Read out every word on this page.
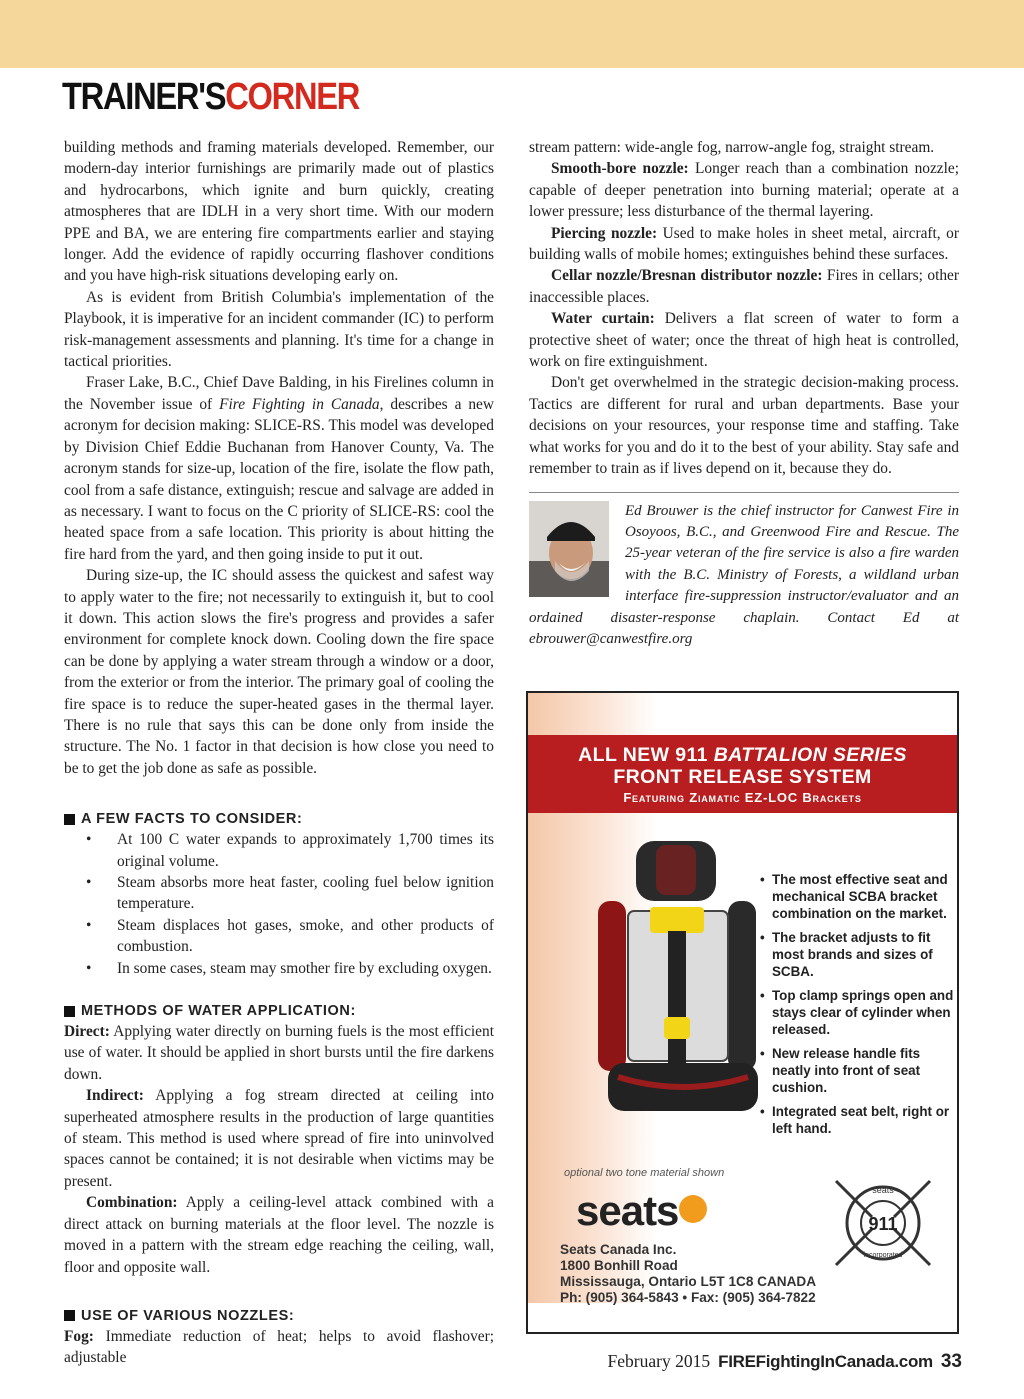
TRAINER'SCORNER

building methods and framing materials developed. Remember, our modern-day interior furnishings are primarily made out of plastics and hydrocarbons, which ignite and burn quickly, creating atmospheres that are IDLH in a very short time. With our modern PPE and BA, we are entering fire compartments earlier and staying longer. Add the evidence of rapidly occurring flashover conditions and you have high-risk situations developing early on.

As is evident from British Columbia's implementation of the Playbook, it is imperative for an incident commander (IC) to perform risk-management assessments and planning. It's time for a change in tactical priorities.

Fraser Lake, B.C., Chief Dave Balding, in his Firelines column in the November issue of Fire Fighting in Canada, describes a new acronym for decision making: SLICE-RS. This model was developed by Division Chief Eddie Buchanan from Hanover County, Va. The acronym stands for size-up, location of the fire, isolate the flow path, cool from a safe distance, extinguish; rescue and salvage are added in as necessary. I want to focus on the C priority of SLICE-RS: cool the heated space from a safe location. This priority is about hitting the fire hard from the yard, and then going inside to put it out.

During size-up, the IC should assess the quickest and safest way to apply water to the fire; not necessarily to extinguish it, but to cool it down. This action slows the fire's progress and provides a safer environment for complete knock down. Cooling down the fire space can be done by applying a water stream through a window or a door, from the exterior or from the interior. The primary goal of cooling the fire space is to reduce the super-heated gases in the thermal layer. There is no rule that says this can be done only from inside the structure. The No. 1 factor in that decision is how close you need to be to get the job done as safe as possible.

A FEW FACTS TO CONSIDER:
• At 100 C water expands to approximately 1,700 times its original volume.
• Steam absorbs more heat faster, cooling fuel below ignition temperature.
• Steam displaces hot gases, smoke, and other products of combustion.
• In some cases, steam may smother fire by excluding oxygen.
METHODS OF WATER APPLICATION:

Direct: Applying water directly on burning fuels is the most efficient use of water. It should be applied in short bursts until the fire darkens down.

Indirect: Applying a fog stream directed at ceiling into superheated atmosphere results in the production of large quantities of steam. This method is used where spread of fire into uninvolved spaces cannot be contained; it is not desirable when victims may be present.

Combination: Apply a ceiling-level attack combined with a direct attack on burning materials at the floor level. The nozzle is moved in a pattern with the stream edge reaching the ceiling, wall, floor and opposite wall.

USE OF VARIOUS NOZZLES:

Fog: Immediate reduction of heat; helps to avoid flashover; adjustable

stream pattern: wide-angle fog, narrow-angle fog, straight stream.

Smooth-bore nozzle: Longer reach than a combination nozzle; capable of deeper penetration into burning material; operate at a lower pressure; less disturbance of the thermal layering.

Piercing nozzle: Used to make holes in sheet metal, aircraft, or building walls of mobile homes; extinguishes behind these surfaces.

Cellar nozzle/Bresnan distributor nozzle: Fires in cellars; other inaccessible places.

Water curtain: Delivers a flat screen of water to form a protective sheet of water; once the threat of high heat is controlled, work on fire extinguishment.

Don't get overwhelmed in the strategic decision-making process. Tactics are different for rural and urban departments. Base your decisions on your resources, your response time and staffing. Take what works for you and do it to the best of your ability. Stay safe and remember to train as if lives depend on it, because they do.

Ed Brouwer is the chief instructor for Canwest Fire in Osoyoos, B.C., and Greenwood Fire and Rescue. The 25-year veteran of the fire service is also a fire warden with the B.C. Ministry of Forests, a wildland urban interface fire-suppression instructor/evaluator and an ordained disaster-response chaplain. Contact Ed at ebrouwer@canwestfire.org
ALL NEW 911 BATTALION SERIES
FRONT RELEASE SYSTEM
Featuring Ziamatic EZ-LOC Brackets
• The most effective seat and mechanical SCBA bracket combination on the market.
• The bracket adjusts to fit most brands and sizes of SCBA.
• Top clamp springs open and stays clear of cylinder when released.
• New release handle fits neatly into front of seat cushion.
• Integrated seat belt, right or left hand.
optional two tone material shown
seats
Seats Canada Inc.
1800 Bonhill Road
Mississauga, Ontario L5T 1C8 CANADA
Ph: (905) 364-5843 • Fax: (905) 364-7822
seats
911
incorporated
February 2015 FIREFightingInCanada.com 33
